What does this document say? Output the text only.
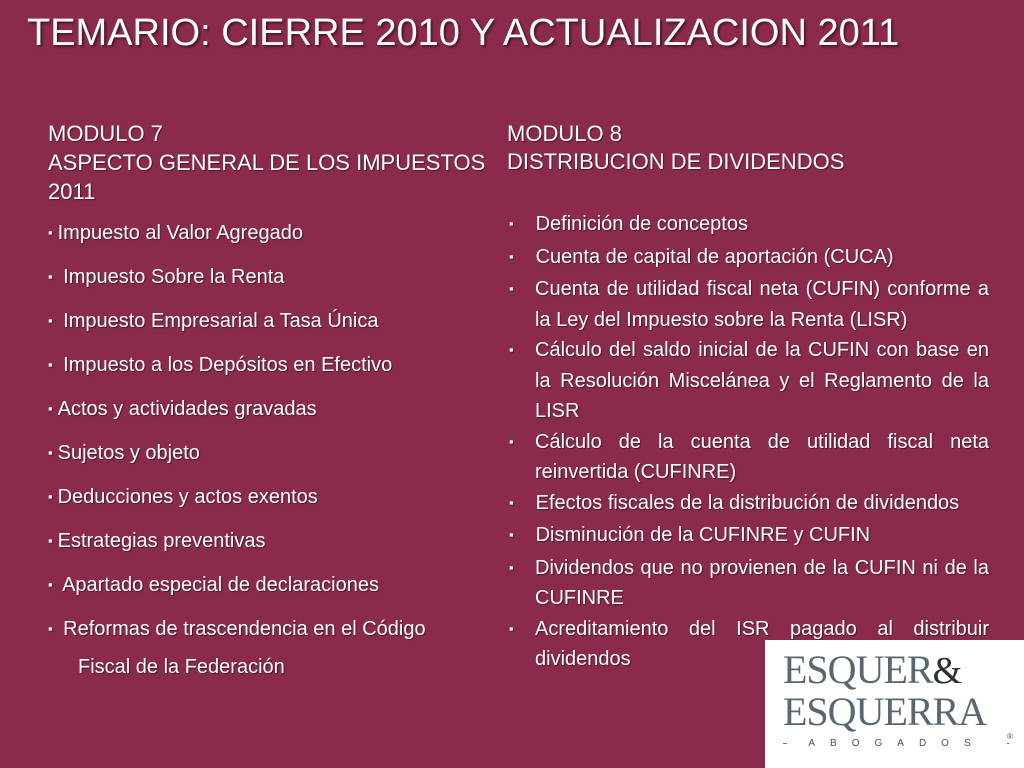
TEMARIO: CIERRE 2010 Y ACTUALIZACION 2011
MODULO 7
ASPECTO GENERAL DE LOS IMPUESTOS 2011
▪ Impuesto al Valor Agregado
▪ Impuesto Sobre la Renta
▪ Impuesto Empresarial a Tasa Única
▪ Impuesto a los Depósitos en Efectivo
▪ Actos y actividades gravadas
▪ Sujetos y objeto
▪ Deducciones y actos exentos
▪ Estrategias preventivas
▪ Apartado especial de declaraciones
▪ Reformas de trascendencia en el Código
Fiscal de la Federación
MODULO 8
DISTRIBUCION DE DIVIDENDOS
▪ Definición de conceptos
▪ Cuenta de capital de aportación (CUCA)
▪ Cuenta de utilidad fiscal neta (CUFIN) conforme a la Ley del Impuesto sobre la Renta (LISR)
▪ Cálculo del saldo inicial de la CUFIN con base en la Resolución Miscelánea y el Reglamento de la LISR
▪ Cálculo de la cuenta de utilidad fiscal neta reinvertida (CUFINRE)
▪ Efectos fiscales de la distribución de dividendos
▪ Disminución de la CUFINRE y CUFIN
▪ Dividendos que no provienen de la CUFIN ni de la CUFINRE
▪ Acreditamiento del ISR pagado al distribuir dividendos	ESQUER&
ESQUERRA
ABOGADOS
®
